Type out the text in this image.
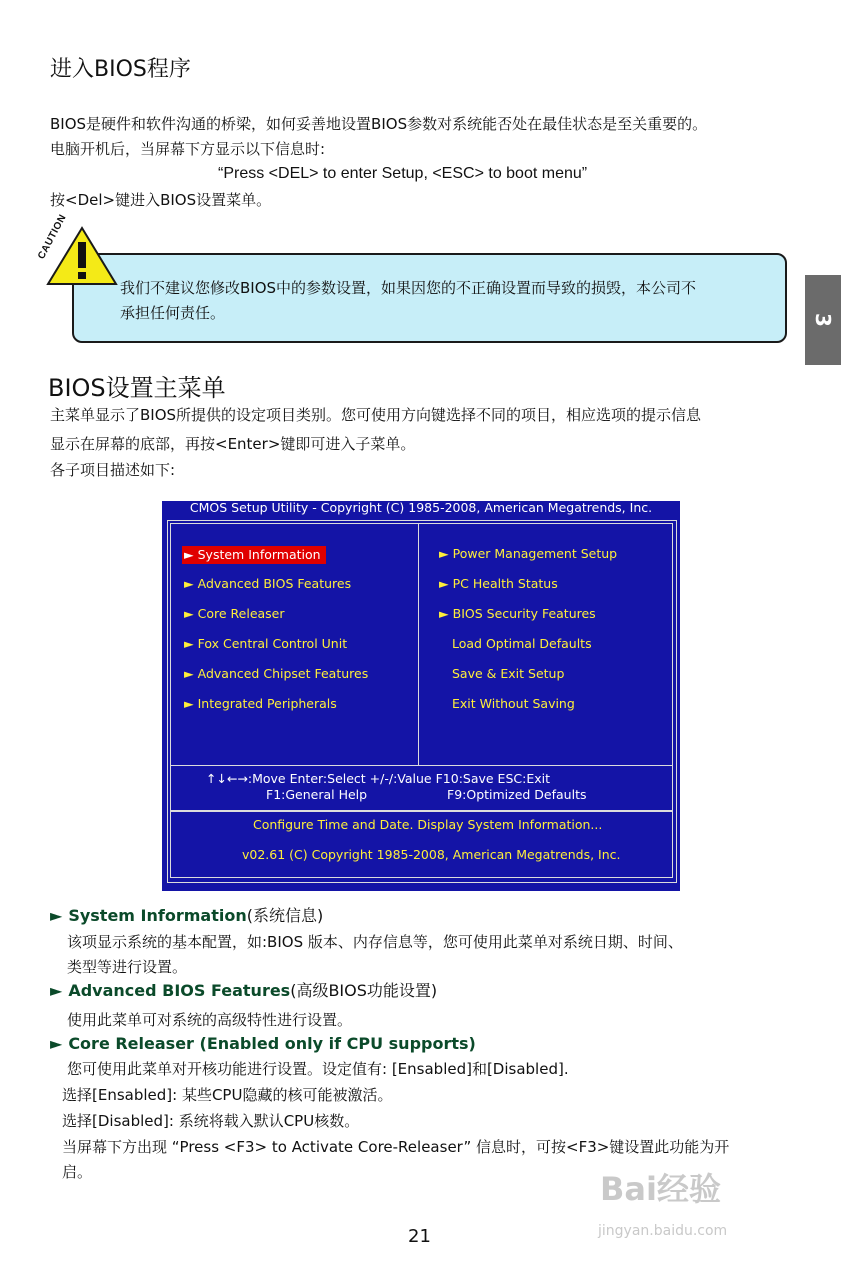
进入BIOS程序
BIOS是硬件和软件沟通的桥梁，如何妥善地设置BIOS参数对系统能否处在最佳状态是至关重要的。
电脑开机后，当屏幕下方显示以下信息时:
“Press <DEL> to enter Setup, <ESC> to boot menu”
按<Del>键进入BIOS设置菜单。
CAUTION
我们不建议您修改BIOS中的参数设置，如果因您的不正确设置而导致的损毁，本公司不
承担任何责任。	3
BIOS设置主菜单
主菜单显示了BIOS所提供的设定项目类别。您可使用方向键选择不同的项目，相应选项的提示信息
显示在屏幕的底部，再按<Enter>键即可进入子菜单。
各子项目描述如下:
CMOS Setup Utility - Copyright (C) 1985-2008, American Megatrends, Inc.
► System Information
► Advanced BIOS Features
► Core Releaser
► Fox Central Control Unit
► Advanced Chipset Features
► Integrated Peripherals
► Power Management Setup
► PC Health Status
► BIOS Security Features
Load Optimal Defaults
Save & Exit Setup
Exit Without Saving
↑↓←→:Move Enter:Select +/-/:Value F10:Save ESC:Exit
F1:General Help	F9:Optimized Defaults
Configure Time and Date. Display System Information...
v02.61 (C) Copyright 1985-2008, American Megatrends, Inc.
► System Information(系统信息)
该项显示系统的基本配置，如:BIOS 版本、内存信息等，您可使用此菜单对系统日期、时间、
类型等进行设置。
► Advanced BIOS Features(高级BIOS功能设置)
使用此菜单可对系统的高级特性进行设置。
► Core Releaser (Enabled only if CPU supports)
您可使用此菜单对开核功能进行设置。设定值有: [Ensabled]和[Disabled].
选择[Ensabled]: 某些CPU隐藏的核可能被激活。
选择[Disabled]: 系统将载入默认CPU核数。
当屏幕下方出现 “Press <F3> to Activate Core-Releaser” 信息时，可按<F3>键设置此功能为开
启。	Bai经验
jingyan.baidu.com
21
